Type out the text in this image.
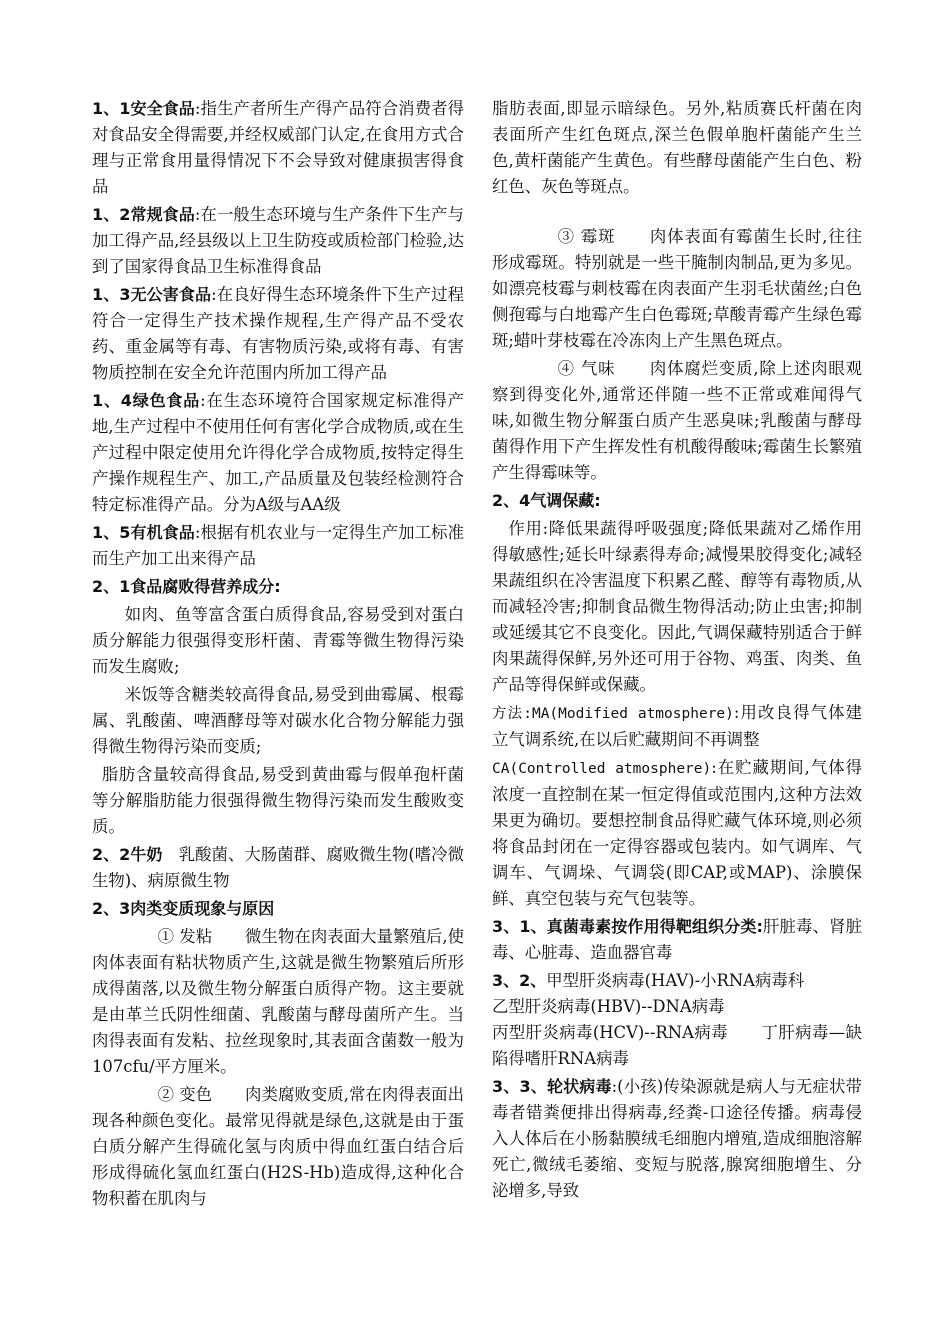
1、1安全食品:指生产者所生产得产品符合消费者得对食品安全得需要,并经权威部门认定,在食用方式合理与正常食用量得情况下不会导致对健康损害得食品

1、2常规食品:在一般生态环境与生产条件下生产与加工得产品,经县级以上卫生防疫或质检部门检验,达到了国家得食品卫生标准得食品

1、3无公害食品:在良好得生态环境条件下生产过程符合一定得生产技术操作规程,生产得产品不受农药、重金属等有毒、有害物质污染,或将有毒、有害物质控制在安全允许范围内所加工得产品

1、4绿色食品:在生态环境符合国家规定标准得产地,生产过程中不使用任何有害化学合成物质,或在生产过程中限定使用允许得化学合成物质,按特定得生产操作规程生产、加工,产品质量及包装经检测符合特定标准得产品。分为A级与AA级

1、5有机食品:根据有机农业与一定得生产加工标准而生产加工出来得产品

2、1食品腐败得营养成分:

如肉、鱼等富含蛋白质得食品,容易受到对蛋白质分解能力很强得变形杆菌、青霉等微生物得污染而发生腐败;

米饭等含糖类较高得食品,易受到曲霉属、根霉属、乳酸菌、啤酒酵母等对碳水化合物分解能力强得微生物得污染而变质;

脂肪含量较高得食品,易受到黄曲霉与假单孢杆菌等分解脂肪能力很强得微生物得污染而发生酸败变质。

2、2牛奶　乳酸菌、大肠菌群、腐败微生物(嗜冷微生物)、病原微生物

2、3肉类变质现象与原因

① 发粘　　微生物在肉表面大量繁殖后,使肉体表面有粘状物质产生,这就是微生物繁殖后所形成得菌落,以及微生物分解蛋白质得产物。这主要就是由革兰氏阴性细菌、乳酸菌与酵母菌所产生。当肉得表面有发粘、拉丝现象时,其表面含菌数一般为107cfu/平方厘米。

② 变色　　肉类腐败变质,常在肉得表面出现各种颜色变化。最常见得就是绿色,这就是由于蛋白质分解产生得硫化氢与肉质中得血红蛋白结合后形成得硫化氢血红蛋白(H2S-Hb)造成得,这种化合物积蓄在肌肉与

脂肪表面,即显示暗绿色。另外,粘质赛氏杆菌在肉表面所产生红色斑点,深兰色假单胞杆菌能产生兰色,黄杆菌能产生黄色。有些酵母菌能产生白色、粉红色、灰色等斑点。

③ 霉斑　　肉体表面有霉菌生长时,往往形成霉斑。特别就是一些干腌制肉制品,更为多见。如漂亮枝霉与刺枝霉在肉表面产生羽毛状菌丝;白色侧孢霉与白地霉产生白色霉斑;草酸青霉产生绿色霉斑;蜡叶芽枝霉在冷冻肉上产生黑色斑点。

④ 气味　　肉体腐烂变质,除上述肉眼观察到得变化外,通常还伴随一些不正常或难闻得气味,如微生物分解蛋白质产生恶臭味;乳酸菌与酵母菌得作用下产生挥发性有机酸得酸味;霉菌生长繁殖产生得霉味等。

2、4气调保藏:

作用:降低果蔬得呼吸强度;降低果蔬对乙烯作用得敏感性;延长叶绿素得寿命;减慢果胶得变化;减轻果蔬组织在冷害温度下积累乙醛、醇等有毒物质,从而减轻冷害;抑制食品微生物得活动;防止虫害;抑制或延缓其它不良变化。因此,气调保藏特别适合于鲜肉果蔬得保鲜,另外还可用于谷物、鸡蛋、肉类、鱼产品等得保鲜或保藏。

方法:MA(Modified atmosphere):用改良得气体建立气调系统,在以后贮藏期间不再调整

CA(Controlled atmosphere):在贮藏期间,气体得浓度一直控制在某一恒定得值或范围内,这种方法效果更为确切。要想控制食品得贮藏气体环境,则必须将食品封闭在一定得容器或包装内。如气调库、气调车、气调垛、气调袋(即CAP,或MAP)、涂膜保鲜、真空包装与充气包装等。

3、1、真菌毒素按作用得靶组织分类:肝脏毒、肾脏毒、心脏毒、造血器官毒

3、2、甲型肝炎病毒(HAV)-小RNA病毒科
乙型肝炎病毒(HBV)--DNA病毒
丙型肝炎病毒(HCV)--RNA病毒　　丁肝病毒—缺陷得嗜肝RNA病毒

3、3、轮状病毒:(小孩)传染源就是病人与无症状带毒者错粪便排出得病毒,经粪-口途径传播。病毒侵入人体后在小肠黏膜绒毛细胞内增殖,造成细胞溶解死亡,微绒毛萎缩、变短与脱落,腺窝细胞增生、分泌增多,导致
